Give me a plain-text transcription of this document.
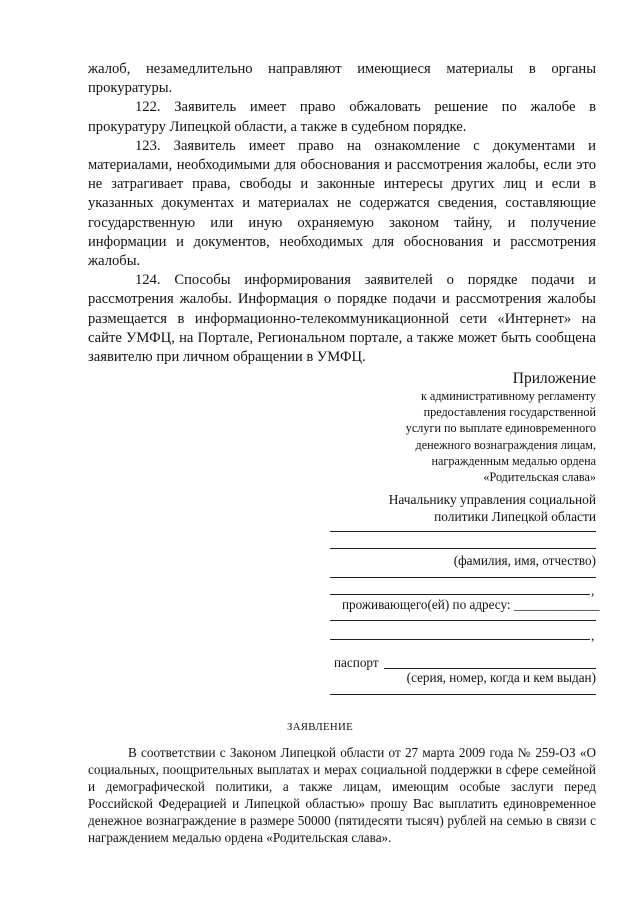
жалоб, незамедлительно направляют имеющиеся материалы в органы прокуратуры.

122. Заявитель имеет право обжаловать решение по жалобе в прокуратуру Липецкой области, а также в судебном порядке.

123. Заявитель имеет право на ознакомление с документами и материалами, необходимыми для обоснования и рассмотрения жалобы, если это не затрагивает права, свободы и законные интересы других лиц и если в указанных документах и материалах не содержатся сведения, составляющие государственную или иную охраняемую законом тайну, и получение информации и документов, необходимых для обоснования и рассмотрения жалобы.

124. Способы информирования заявителей о порядке подачи и рассмотрения жалобы. Информация о порядке подачи и рассмотрения жалобы размещается в информационно-телекоммуникационной сети «Интернет» на сайте УМФЦ, на Портале, Региональном портале, а также может быть сообщена заявителю при личном обращении в УМФЦ.

Приложение
к административному регламенту
предоставления государственной
услуги по выплате единовременного
денежного вознаграждения лицам,
награжденным медалью ордена
«Родительская слава»
Начальнику управления социальной
политики Липецкой области
(фамилия, имя, отчество)
,
проживающего(ей) по адресу: _____________
,
паспорт
(серия, номер, когда и кем выдан)
ЗАЯВЛЕНИЕ

В соответствии с Законом Липецкой области от 27 марта 2009 года № 259-ОЗ «О социальных, поощрительных выплатах и мерах социальной поддержки в сфере семейной и демографической политики, а также лицам, имеющим особые заслуги перед Российской Федерацией и Липецкой областью» прошу Вас выплатить единовременное денежное вознаграждение в размере 50000 (пятидесяти тысяч) рублей на семью в связи с награждением медалью ордена «Родительская слава».
